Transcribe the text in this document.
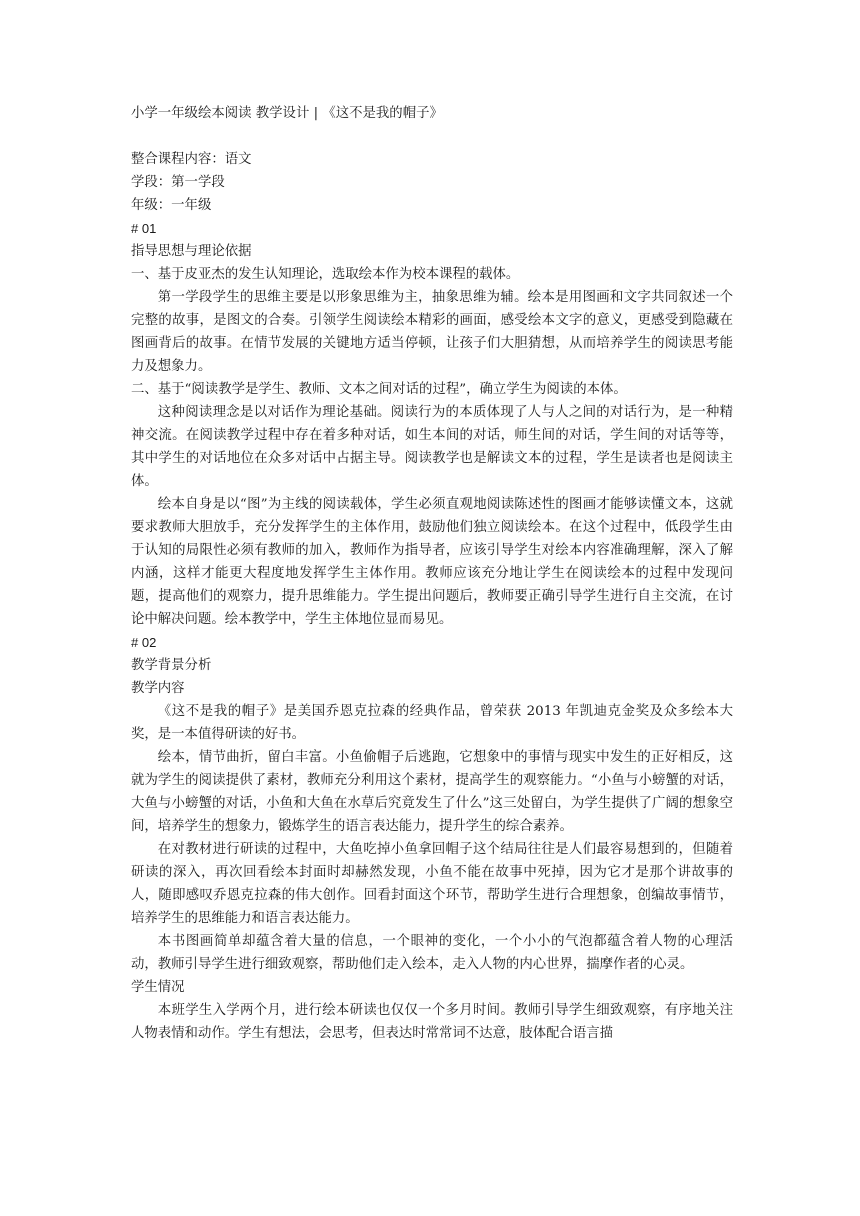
小学一年级绘本阅读 教学设计 | 《这不是我的帽子》
整合课程内容：语文
学段：第一学段
年级：一年级
# 01
指导思想与理论依据
一、基于皮亚杰的发生认知理论，选取绘本作为校本课程的载体。
第一学段学生的思维主要是以形象思维为主，抽象思维为辅。绘本是用图画和文字共同叙述一个完整的故事，是图文的合奏。引领学生阅读绘本精彩的画面，感受绘本文字的意义，更感受到隐藏在图画背后的故事。在情节发展的关键地方适当停顿，让孩子们大胆猜想，从而培养学生的阅读思考能力及想象力。
二、基于“阅读教学是学生、教师、文本之间对话的过程”，确立学生为阅读的本体。
这种阅读理念是以对话作为理论基础。阅读行为的本质体现了人与人之间的对话行为，是一种精神交流。在阅读教学过程中存在着多种对话，如生本间的对话，师生间的对话，学生间的对话等等，其中学生的对话地位在众多对话中占据主导。阅读教学也是解读文本的过程，学生是读者也是阅读主体。
绘本自身是以“图”为主线的阅读载体，学生必须直观地阅读陈述性的图画才能够读懂文本，这就要求教师大胆放手，充分发挥学生的主体作用，鼓励他们独立阅读绘本。在这个过程中，低段学生由于认知的局限性必须有教师的加入，教师作为指导者，应该引导学生对绘本内容准确理解，深入了解内涵，这样才能更大程度地发挥学生主体作用。教师应该充分地让学生在阅读绘本的过程中发现问题，提高他们的观察力，提升思维能力。学生提出问题后，教师要正确引导学生进行自主交流，在讨论中解决问题。绘本教学中，学生主体地位显而易见。
# 02
教学背景分析
教学内容
《这不是我的帽子》是美国乔恩克拉森的经典作品，曾荣获 2013 年凯迪克金奖及众多绘本大奖，是一本值得研读的好书。
绘本，情节曲折，留白丰富。小鱼偷帽子后逃跑，它想象中的事情与现实中发生的正好相反，这就为学生的阅读提供了素材，教师充分利用这个素材，提高学生的观察能力。“小鱼与小螃蟹的对话，大鱼与小螃蟹的对话，小鱼和大鱼在水草后究竟发生了什么”这三处留白，为学生提供了广阔的想象空间，培养学生的想象力，锻炼学生的语言表达能力，提升学生的综合素养。
在对教材进行研读的过程中，大鱼吃掉小鱼拿回帽子这个结局往往是人们最容易想到的，但随着研读的深入，再次回看绘本封面时却赫然发现，小鱼不能在故事中死掉，因为它才是那个讲故事的人，随即感叹乔恩克拉森的伟大创作。回看封面这个环节，帮助学生进行合理想象，创编故事情节，培养学生的思维能力和语言表达能力。
本书图画简单却蕴含着大量的信息，一个眼神的变化，一个小小的气泡都蕴含着人物的心理活动，教师引导学生进行细致观察，帮助他们走入绘本，走入人物的内心世界，揣摩作者的心灵。
学生情况
本班学生入学两个月，进行绘本研读也仅仅一个多月时间。教师引导学生细致观察，有序地关注人物表情和动作。学生有想法，会思考，但表达时常常词不达意，肢体配合语言描
